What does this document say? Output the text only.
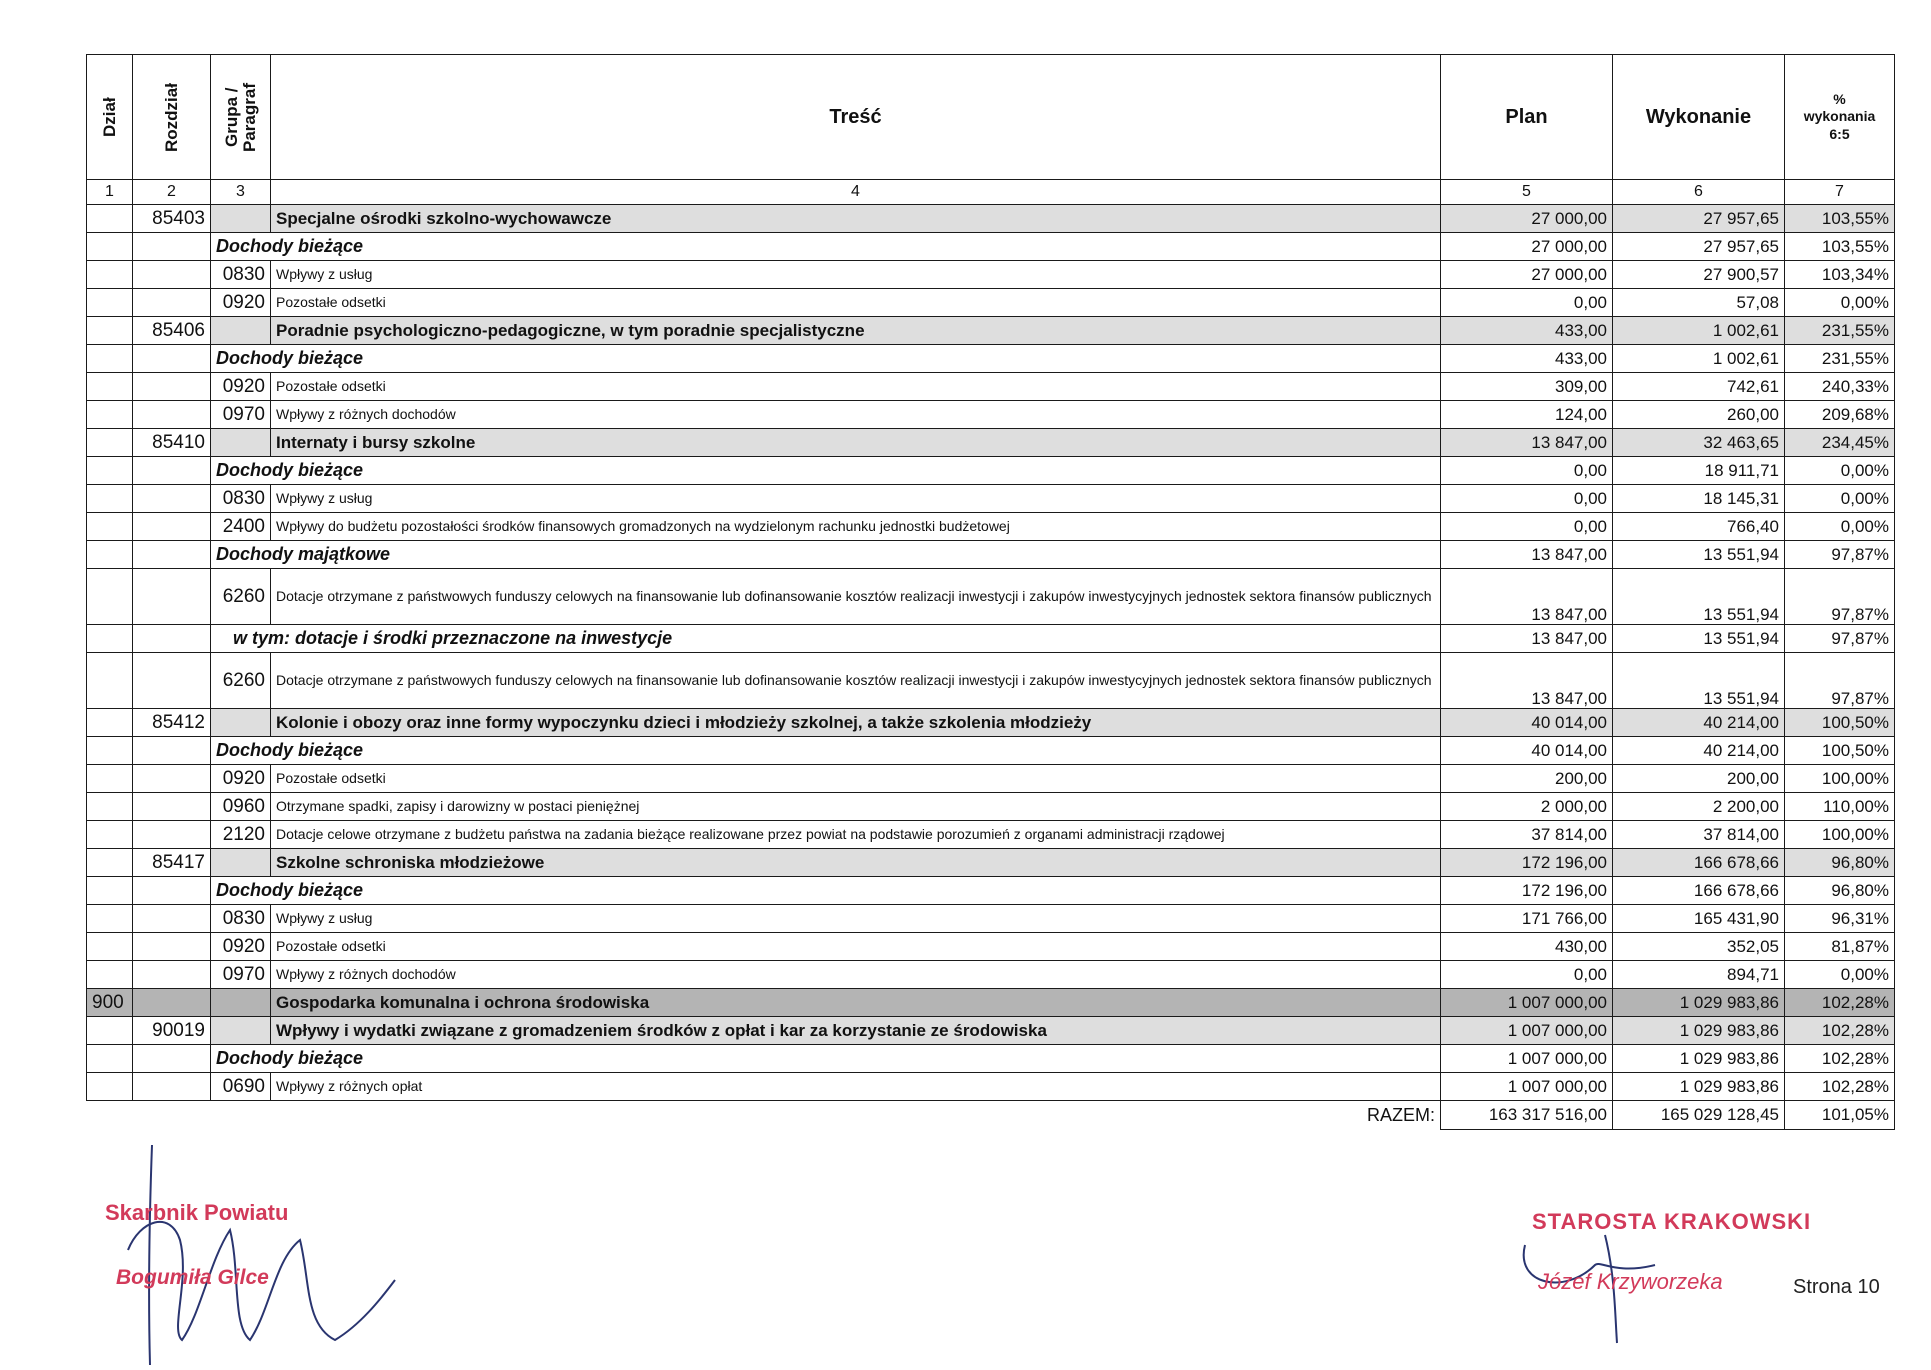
Dział	Rozdział	Grupa /
Paragraf	Treść	Plan	Wykonanie	%
wykonania
6:5
1	2	3	4	5	6	7
	85403		Specjalne ośrodki szkolno-wychowawcze	27 000,00	27 957,65	103,55%
		Dochody bieżące		27 000,00	27 957,65	103,55%
		0830	Wpływy z usług	27 000,00	27 900,57	103,34%
		0920	Pozostałe odsetki	0,00	57,08	0,00%
	85406		Poradnie psychologiczno-pedagogiczne, w tym poradnie specjalistyczne	433,00	1 002,61	231,55%
		Dochody bieżące		433,00	1 002,61	231,55%
		0920	Pozostałe odsetki	309,00	742,61	240,33%
		0970	Wpływy z różnych dochodów	124,00	260,00	209,68%
	85410		Internaty i bursy szkolne	13 847,00	32 463,65	234,45%
		Dochody bieżące		0,00	18 911,71	0,00%
		0830	Wpływy z usług	0,00	18 145,31	0,00%
		2400	Wpływy do budżetu pozostałości środków finansowych gromadzonych na wydzielonym rachunku jednostki budżetowej	0,00	766,40	0,00%
		Dochody majątkowe		13 847,00	13 551,94	97,87%
		6260	Dotacje otrzymane z państwowych funduszy celowych na finansowanie lub dofinansowanie kosztów realizacji inwestycji i zakupów inwestycyjnych jednostek sektora finansów publicznych	13 847,00	13 551,94	97,87%
		w tym: dotacje i środki przeznaczone na inwestycje		13 847,00	13 551,94	97,87%
		6260	Dotacje otrzymane z państwowych funduszy celowych na finansowanie lub dofinansowanie kosztów realizacji inwestycji i zakupów inwestycyjnych jednostek sektora finansów publicznych	13 847,00	13 551,94	97,87%
	85412		Kolonie i obozy oraz inne formy wypoczynku dzieci i młodzieży szkolnej, a także szkolenia młodzieży	40 014,00	40 214,00	100,50%
		Dochody bieżące		40 014,00	40 214,00	100,50%
		0920	Pozostałe odsetki	200,00	200,00	100,00%
		0960	Otrzymane spadki, zapisy i darowizny w postaci pieniężnej	2 000,00	2 200,00	110,00%
		2120	Dotacje celowe otrzymane z budżetu państwa na zadania bieżące realizowane przez powiat na podstawie porozumień z organami administracji rządowej	37 814,00	37 814,00	100,00%
	85417		Szkolne schroniska młodzieżowe	172 196,00	166 678,66	96,80%
		Dochody bieżące		172 196,00	166 678,66	96,80%
		0830	Wpływy z usług	171 766,00	165 431,90	96,31%
		0920	Pozostałe odsetki	430,00	352,05	81,87%
		0970	Wpływy z różnych dochodów	0,00	894,71	0,00%
900			Gospodarka komunalna i ochrona środowiska	1 007 000,00	1 029 983,86	102,28%
	90019		Wpływy i wydatki związane z gromadzeniem środków z opłat i kar za korzystanie ze środowiska	1 007 000,00	1 029 983,86	102,28%
		Dochody bieżące		1 007 000,00	1 029 983,86	102,28%
		0690	Wpływy z różnych opłat	1 007 000,00	1 029 983,86	102,28%
RAZEM:				163 317 516,00	165 029 128,45	101,05%
Skarbnik Powiatu
Bogumiła Gilce
STAROSTA KRAKOWSKI
Józef Krzyworzeka	Strona 10
